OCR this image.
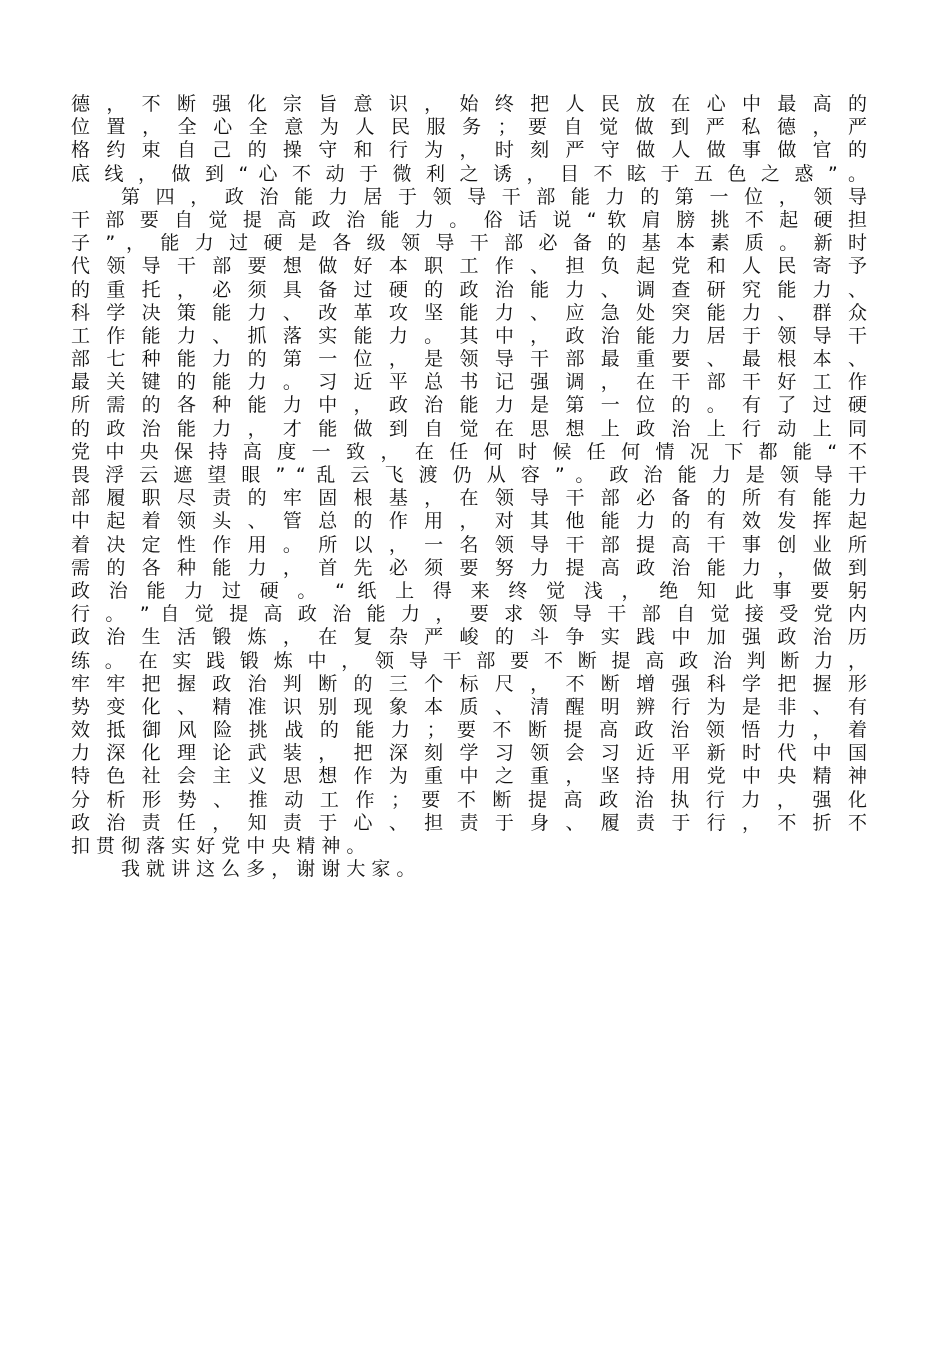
德 ， 不 断 强 化 宗 旨 意 识 ， 始 终 把 人 民 放 在 心 中 最 高 的
位 置 ， 全 心 全 意 为 人 民 服 务 ； 要 自 觉 做 到 严 私 德 ， 严
格 约 束 自 己 的 操 守 和 行 为 ， 时 刻 严 守 做 人 做 事 做 官 的
底 线 ， 做 到 “ 心 不 动 于 微 利 之 诱 ， 目 不 眩 于 五 色 之 惑 ” 。
第 四 ， 政 治 能 力 居 于 领 导 干 部 能 力 的 第 一 位 ， 领 导
干 部 要 自 觉 提 高 政 治 能 力 。 俗 话 说 “ 软 肩 膀 挑 不 起 硬 担
子 ” ， 能 力 过 硬 是 各 级 领 导 干 部 必 备 的 基 本 素 质 。 新 时
代 领 导 干 部 要 想 做 好 本 职 工 作 、 担 负 起 党 和 人 民 寄 予
的 重 托 ， 必 须 具 备 过 硬 的 政 治 能 力 、 调 查 研 究 能 力 、
科 学 决 策 能 力 、 改 革 攻 坚 能 力 、 应 急 处 突 能 力 、 群 众
工 作 能 力 、 抓 落 实 能 力 。 其 中 ， 政 治 能 力 居 于 领 导 干
部 七 种 能 力 的 第 一 位 ， 是 领 导 干 部 最 重 要 、 最 根 本 、
最 关 键 的 能 力 。 习 近 平 总 书 记 强 调 ， 在 干 部 干 好 工 作
所 需 的 各 种 能 力 中 ， 政 治 能 力 是 第 一 位 的 。 有 了 过 硬
的 政 治 能 力 ， 才 能 做 到 自 觉 在 思 想 上 政 治 上 行 动 上 同
党 中 央 保 持 高 度 一 致 ， 在 任 何 时 候 任 何 情 况 下 都 能 “ 不
畏 浮 云 遮 望 眼 ” “ 乱 云 飞 渡 仍 从 容 ” 。 政 治 能 力 是 领 导 干
部 履 职 尽 责 的 牢 固 根 基 ， 在 领 导 干 部 必 备 的 所 有 能 力
中 起 着 领 头 、 管 总 的 作 用 ， 对 其 他 能 力 的 有 效 发 挥 起
着 决 定 性 作 用 。 所 以 ， 一 名 领 导 干 部 提 高 干 事 创 业 所
需 的 各 种 能 力 ， 首 先 必 须 要 努 力 提 高 政 治 能 力 ， 做 到
政 治 能 力 过 硬 。 “ 纸 上 得 来 终 觉 浅 ， 绝 知 此 事 要 躬
行 。 ” 自 觉 提 高 政 治 能 力 ， 要 求 领 导 干 部 自 觉 接 受 党 内
政 治 生 活 锻 炼 ， 在 复 杂 严 峻 的 斗 争 实 践 中 加 强 政 治 历
练 。 在 实 践 锻 炼 中 ， 领 导 干 部 要 不 断 提 高 政 治 判 断 力 ，
牢 牢 把 握 政 治 判 断 的 三 个 标 尺 ， 不 断 增 强 科 学 把 握 形
势 变 化 、 精 准 识 别 现 象 本 质 、 清 醒 明 辨 行 为 是 非 、 有
效 抵 御 风 险 挑 战 的 能 力 ； 要 不 断 提 高 政 治 领 悟 力 ， 着
力 深 化 理 论 武 装 ， 把 深 刻 学 习 领 会 习 近 平 新 时 代 中 国
特 色 社 会 主 义 思 想 作 为 重 中 之 重 ， 坚 持 用 党 中 央 精 神
分 析 形 势 、 推 动 工 作 ； 要 不 断 提 高 政 治 执 行 力 ， 强 化
政 治 责 任 ， 知 责 于 心 、 担 责 于 身 、 履 责 于 行 ， 不 折 不
扣 贯 彻 落 实 好 党 中 央 精 神 。
我 就 讲 这 么 多 ， 谢 谢 大 家 。
